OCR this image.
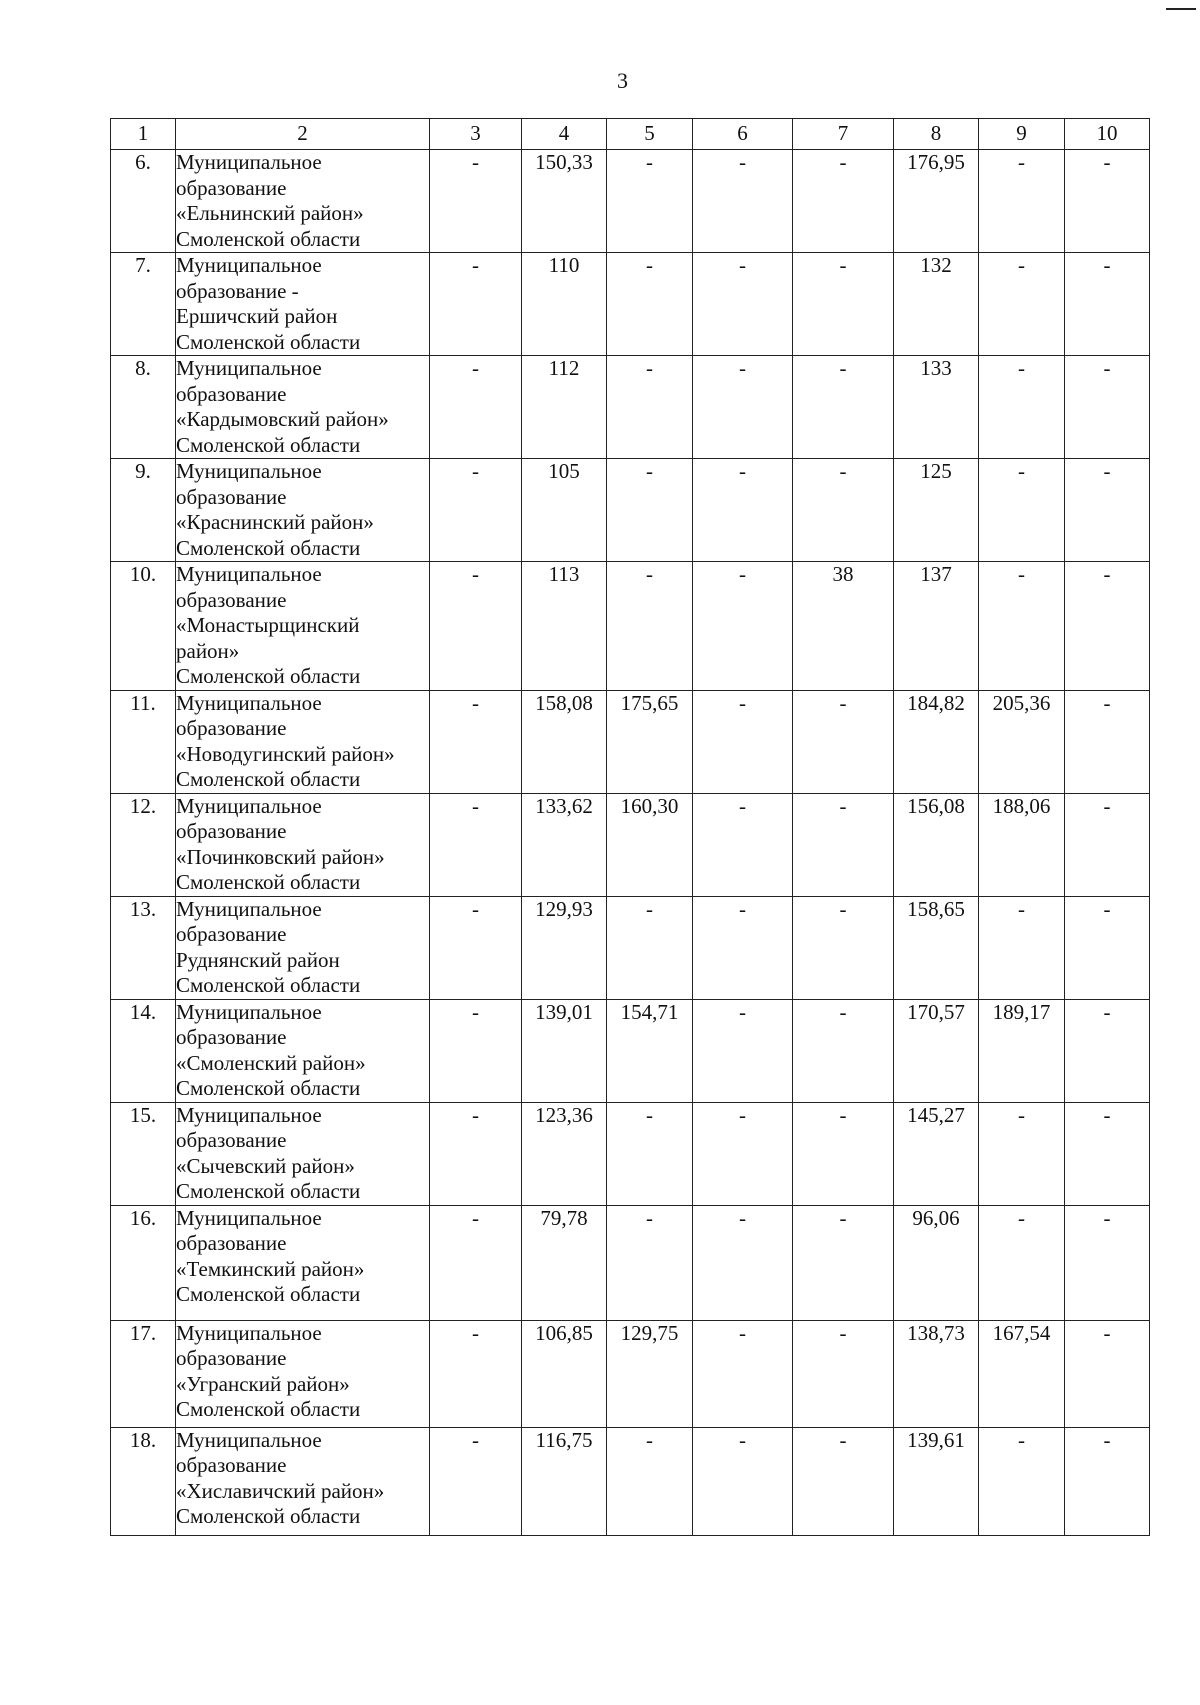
3
1	2	3	4	5	6	7	8	9	10
6.	Муниципальное
образование
«Ельнинский район»
Смоленской области	-	150,33	-	-	-	176,95	-	-
7.	Муниципальное
образование -
Ершичский район
Смоленской области	-	110	-	-	-	132	-	-
8.	Муниципальное
образование
«Кардымовский район»
Смоленской области	-	112	-	-	-	133	-	-
9.	Муниципальное
образование
«Краснинский район»
Смоленской области	-	105	-	-	-	125	-	-
10.	Муниципальное
образование
«Монастырщинский
район»
Смоленской области	-	113	-	-	38	137	-	-
11.	Муниципальное
образование
«Новодугинский район»
Смоленской области	-	158,08	175,65	-	-	184,82	205,36	-
12.	Муниципальное
образование
«Починковский район»
Смоленской области	-	133,62	160,30	-	-	156,08	188,06	-
13.	Муниципальное
образование
Руднянский район
Смоленской области	-	129,93	-	-	-	158,65	-	-
14.	Муниципальное
образование
«Смоленский район»
Смоленской области	-	139,01	154,71	-	-	170,57	189,17	-
15.	Муниципальное
образование
«Сычевский район»
Смоленской области	-	123,36	-	-	-	145,27	-	-
16.	Муниципальное
образование
«Темкинский район»
Смоленской области	-	79,78	-	-	-	96,06	-	-
17.	Муниципальное
образование
«Угранский район»
Смоленской области	-	106,85	129,75	-	-	138,73	167,54	-
18.	Муниципальное
образование
«Хиславичский район»
Смоленской области	-	116,75	-	-	-	139,61	-	-
